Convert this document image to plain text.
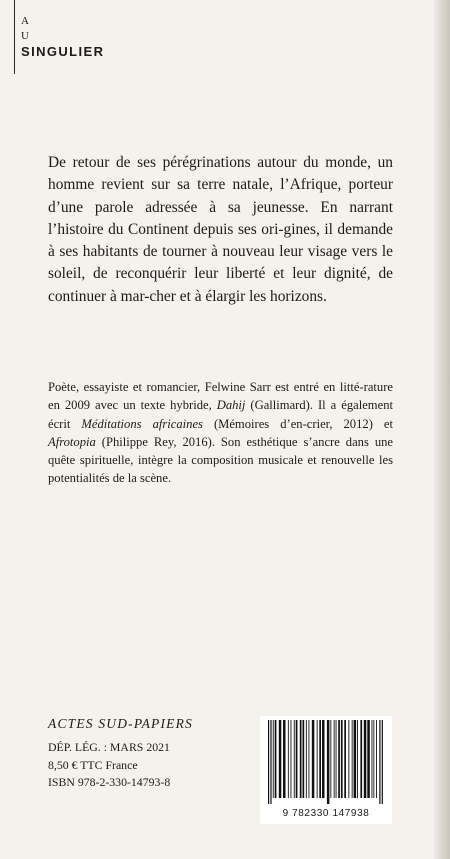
A
U
SINGULIER

De retour de ses pérégrinations autour du monde, un homme revient sur sa terre natale, l’Afrique, porteur d’une parole adressée à sa jeunesse. En narrant l’histoire du Continent depuis ses ori-gines, il demande à ses habitants de tourner à nouveau leur visage vers le soleil, de reconquérir leur liberté et leur dignité, de continuer à mar-cher et à élargir les horizons.

Poète, essayiste et romancier, Felwine Sarr est entré en litté-rature en 2009 avec un texte hybride, Dahij (Gallimard). Il a également écrit Méditations africaines (Mémoires d’en-crier, 2012) et Afrotopia (Philippe Rey, 2016). Son esthétique s’ancre dans une quête spirituelle, intègre la composition musicale et renouvelle les potentialités de la scène.

ACTES SUD-PAPIERS
DÉP. LÉG. : MARS 2021
8,50 € TTC France
ISBN 978-2-330-14793-8
9 782330 147938
